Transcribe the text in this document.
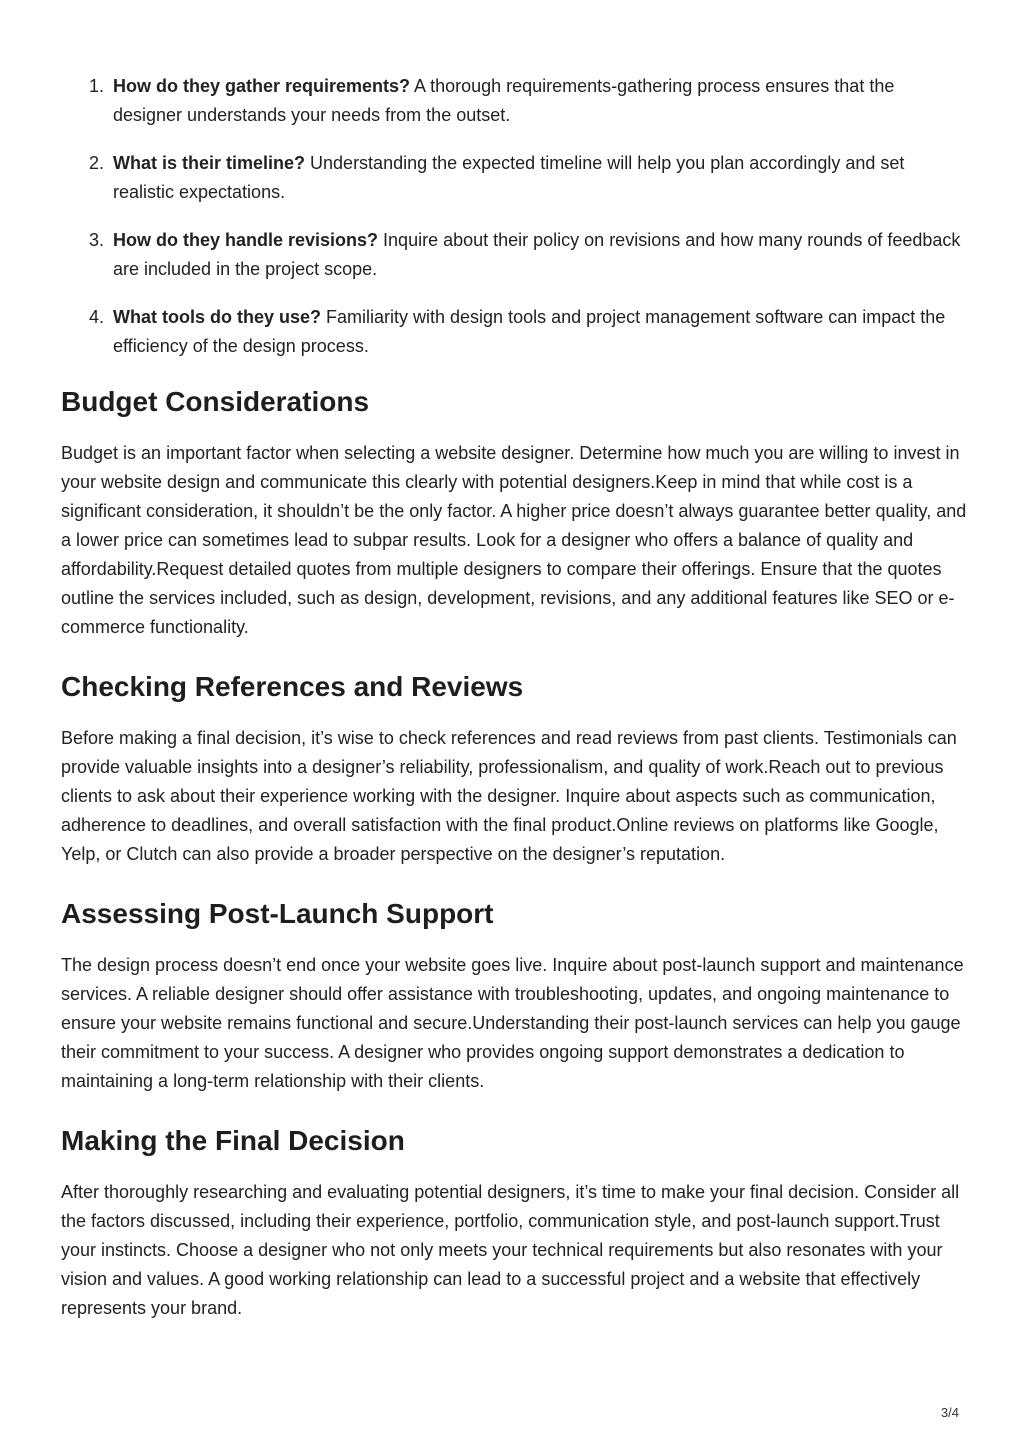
1. How do they gather requirements? A thorough requirements-gathering process ensures that the designer understands your needs from the outset.
2. What is their timeline? Understanding the expected timeline will help you plan accordingly and set realistic expectations.
3. How do they handle revisions? Inquire about their policy on revisions and how many rounds of feedback are included in the project scope.
4. What tools do they use? Familiarity with design tools and project management software can impact the efficiency of the design process.
Budget Considerations

Budget is an important factor when selecting a website designer. Determine how much you are willing to invest in your website design and communicate this clearly with potential designers.Keep in mind that while cost is a significant consideration, it shouldn’t be the only factor. A higher price doesn’t always guarantee better quality, and a lower price can sometimes lead to subpar results. Look for a designer who offers a balance of quality and affordability.Request detailed quotes from multiple designers to compare their offerings. Ensure that the quotes outline the services included, such as design, development, revisions, and any additional features like SEO or e-commerce functionality.

Checking References and Reviews

Before making a final decision, it’s wise to check references and read reviews from past clients. Testimonials can provide valuable insights into a designer’s reliability, professionalism, and quality of work.Reach out to previous clients to ask about their experience working with the designer. Inquire about aspects such as communication, adherence to deadlines, and overall satisfaction with the final product.Online reviews on platforms like Google, Yelp, or Clutch can also provide a broader perspective on the designer’s reputation.

Assessing Post-Launch Support

The design process doesn’t end once your website goes live. Inquire about post-launch support and maintenance services. A reliable designer should offer assistance with troubleshooting, updates, and ongoing maintenance to ensure your website remains functional and secure.Understanding their post-launch services can help you gauge their commitment to your success. A designer who provides ongoing support demonstrates a dedication to maintaining a long-term relationship with their clients.

Making the Final Decision

After thoroughly researching and evaluating potential designers, it’s time to make your final decision. Consider all the factors discussed, including their experience, portfolio, communication style, and post-launch support.Trust your instincts. Choose a designer who not only meets your technical requirements but also resonates with your vision and values. A good working relationship can lead to a successful project and a website that effectively represents your brand.

3/4
